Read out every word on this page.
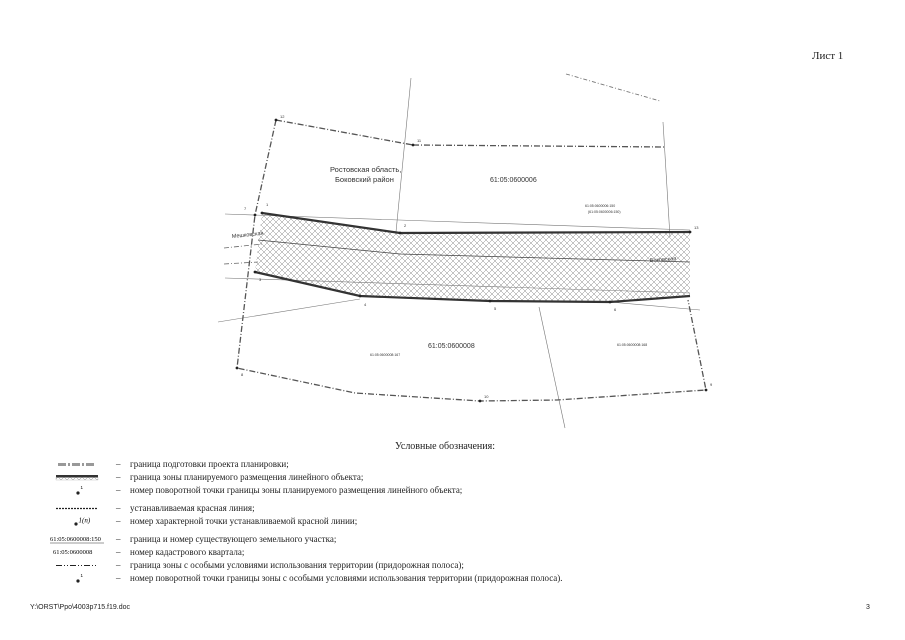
Лист 1
Ростовская область,
Боковский район	61:05:0600006
61:05:0600008
61:05:0600006:150
(61:05:0600006:150)
61:05:0600008:167
61:05:0600008:168
Мешковская
Боковская
1
2
3
4
5	6
7
8
9
10
11
12
13
Условные обозначения:
– граница подготовки проекта планировки;
– граница зоны планируемого размещения линейного объекта;
1	– номер поворотной точки границы зоны планируемого размещения линейного объекта;
– устанавливаемая красная линия;
1(п)	– номер характерной точки устанавливаемой красной линии;
61:05:0600008:150 – граница и номер существующего земельного участка;
61:05:0600008	– номер кадастрового квартала;
– граница зоны с особыми условиями использования территории (придорожная полоса);
1	– номер поворотной точки границы зоны с особыми условиями использования территории (придорожная полоса).
Y:\ORST\Ppo\4003p715.f19.doc	3
